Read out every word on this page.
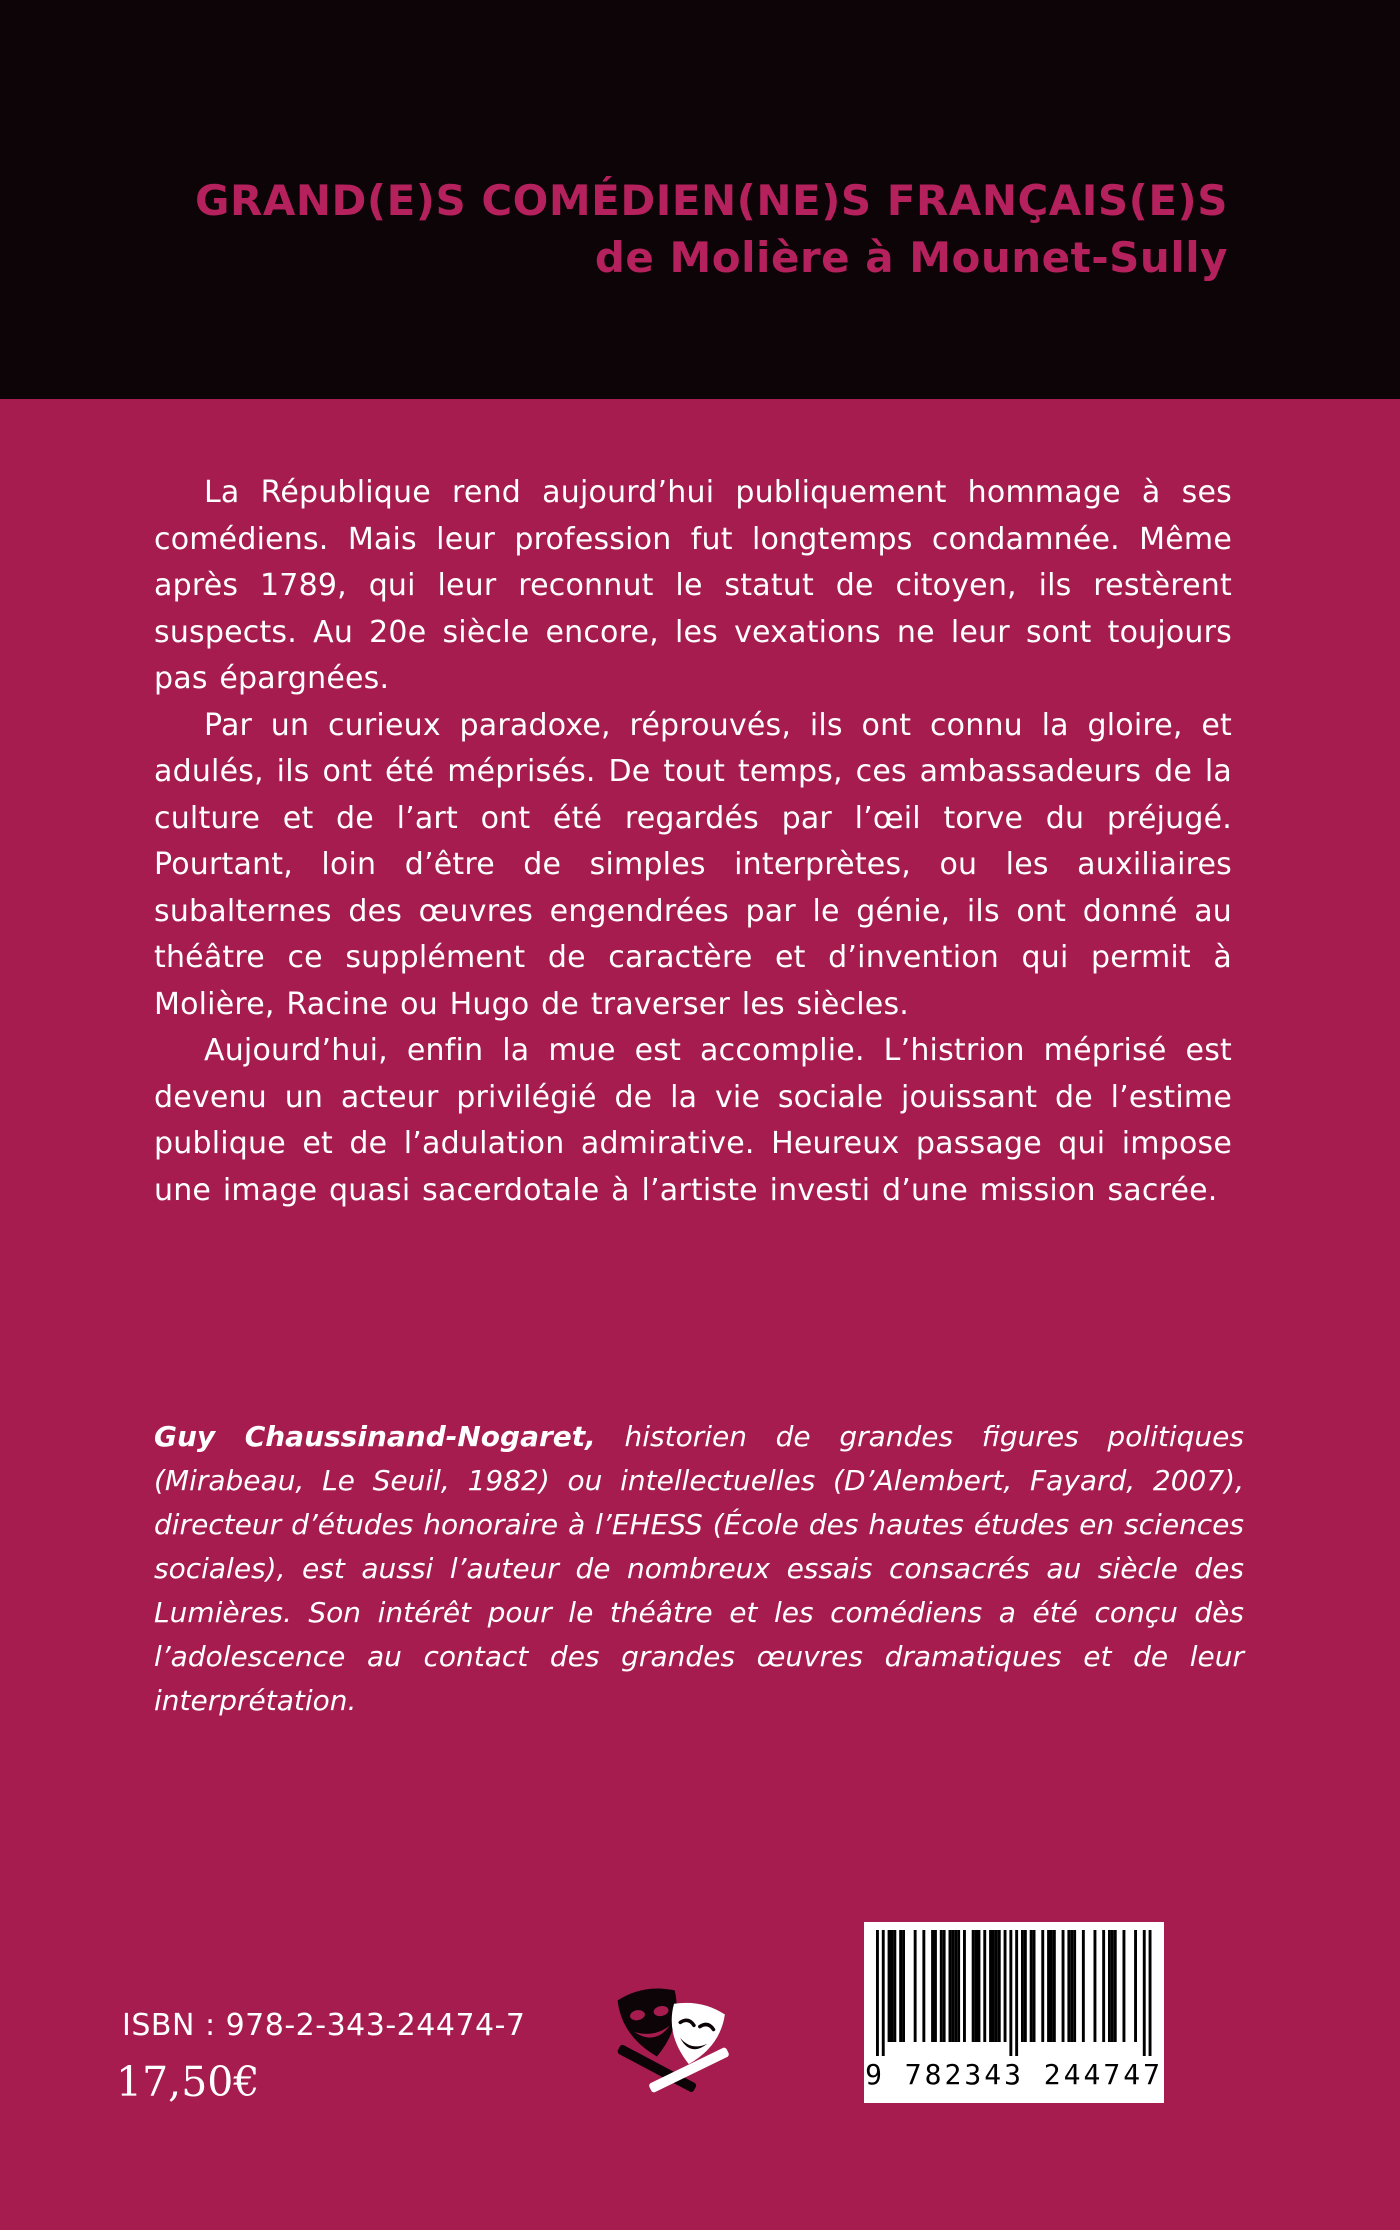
GRAND(E)S COMÉDIEN(NE)S FRANÇAIS(E)S
de Molière à Mounet-Sully

La République rend aujourd’hui publiquement hommage à ses comédiens. Mais leur profession fut longtemps condamnée. Même après 1789, qui leur reconnut le statut de citoyen, ils restèrent suspects. Au 20e siècle encore, les vexations ne leur sont toujours pas épargnées.

Par un curieux paradoxe, réprouvés, ils ont connu la gloire, et adulés, ils ont été méprisés. De tout temps, ces ambassadeurs de la culture et de l’art ont été regardés par l’œil torve du préjugé. Pourtant, loin d’être de simples interprètes, ou les auxiliaires subalternes des œuvres engendrées par le génie, ils ont donné au théâtre ce supplément de caractère et d’invention qui permit à Molière, Racine ou Hugo de traverser les siècles.

Aujourd’hui, enfin la mue est accomplie. L’histrion méprisé est devenu un acteur privilégié de la vie sociale jouissant de l’estime publique et de l’adulation admirative. Heureux passage qui impose une image quasi sacerdotale à l’artiste investi d’une mission sacrée.

Guy Chaussinand-Nogaret, historien de grandes figures politiques (Mirabeau, Le Seuil, 1982) ou intellectuelles (D’Alembert, Fayard, 2007), directeur d’études honoraire à l’EHESS (École des hautes études en sciences sociales), est aussi l’auteur de nombreux essais consacrés au siècle des Lumières. Son intérêt pour le théâtre et les comédiens a été conçu dès l’adolescence au contact des grandes œuvres dramatiques et de leur interprétation.

ISBN : 978-2-343-24474-7
17,50€	9 782343 244747
